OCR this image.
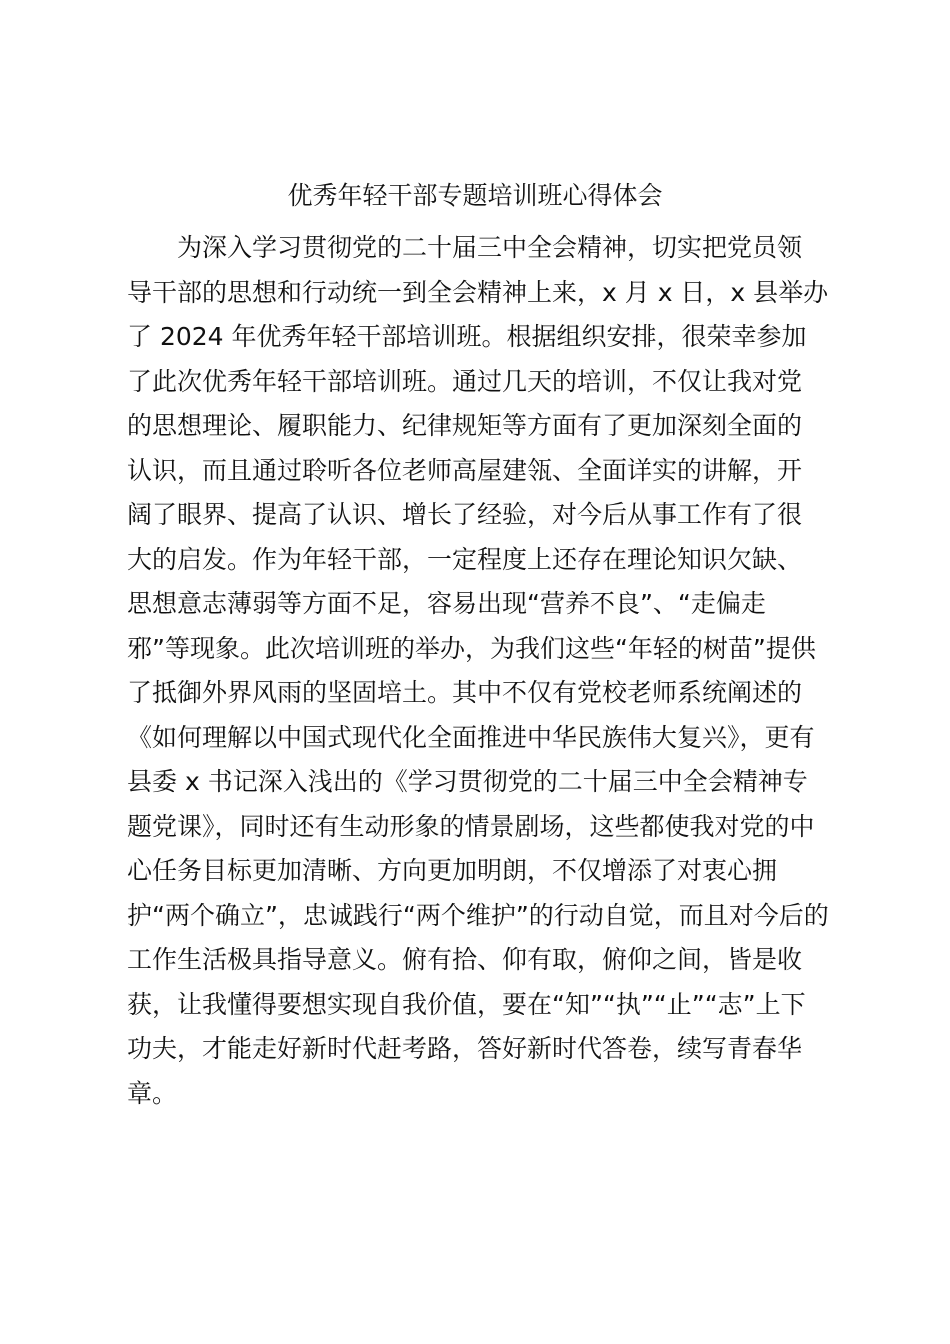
优秀年轻干部专题培训班心得体会
　　为深入学习贯彻党的二十届三中全会精神，切实把党员领
导干部的思想和行动统一到全会精神上来，x 月 x 日，x 县举办
了 2024 年优秀年轻干部培训班。根据组织安排，很荣幸参加
了此次优秀年轻干部培训班。通过几天的培训，不仅让我对党
的思想理论、履职能力、纪律规矩等方面有了更加深刻全面的
认识，而且通过聆听各位老师高屋建瓴、全面详实的讲解，开
阔了眼界、提高了认识、增长了经验，对今后从事工作有了很
大的启发。作为年轻干部，一定程度上还存在理论知识欠缺、
思想意志薄弱等方面不足，容易出现“营养不良”、“走偏走
邪”等现象。此次培训班的举办，为我们这些“年轻的树苗”提供
了抵御外界风雨的坚固培土。其中不仅有党校老师系统阐述的
《如何理解以中国式现代化全面推进中华民族伟大复兴》，更有
县委 x 书记深入浅出的《学习贯彻党的二十届三中全会精神专
题党课》，同时还有生动形象的情景剧场，这些都使我对党的中
心任务目标更加清晰、方向更加明朗，不仅增添了对衷心拥
护“两个确立”，忠诚践行“两个维护”的行动自觉，而且对今后的
工作生活极具指导意义。俯有拾、仰有取，俯仰之间，皆是收
获，让我懂得要想实现自我价值，要在“知”“执”“止”“志”上下
功夫，才能走好新时代赶考路，答好新时代答卷，续写青春华
章。
